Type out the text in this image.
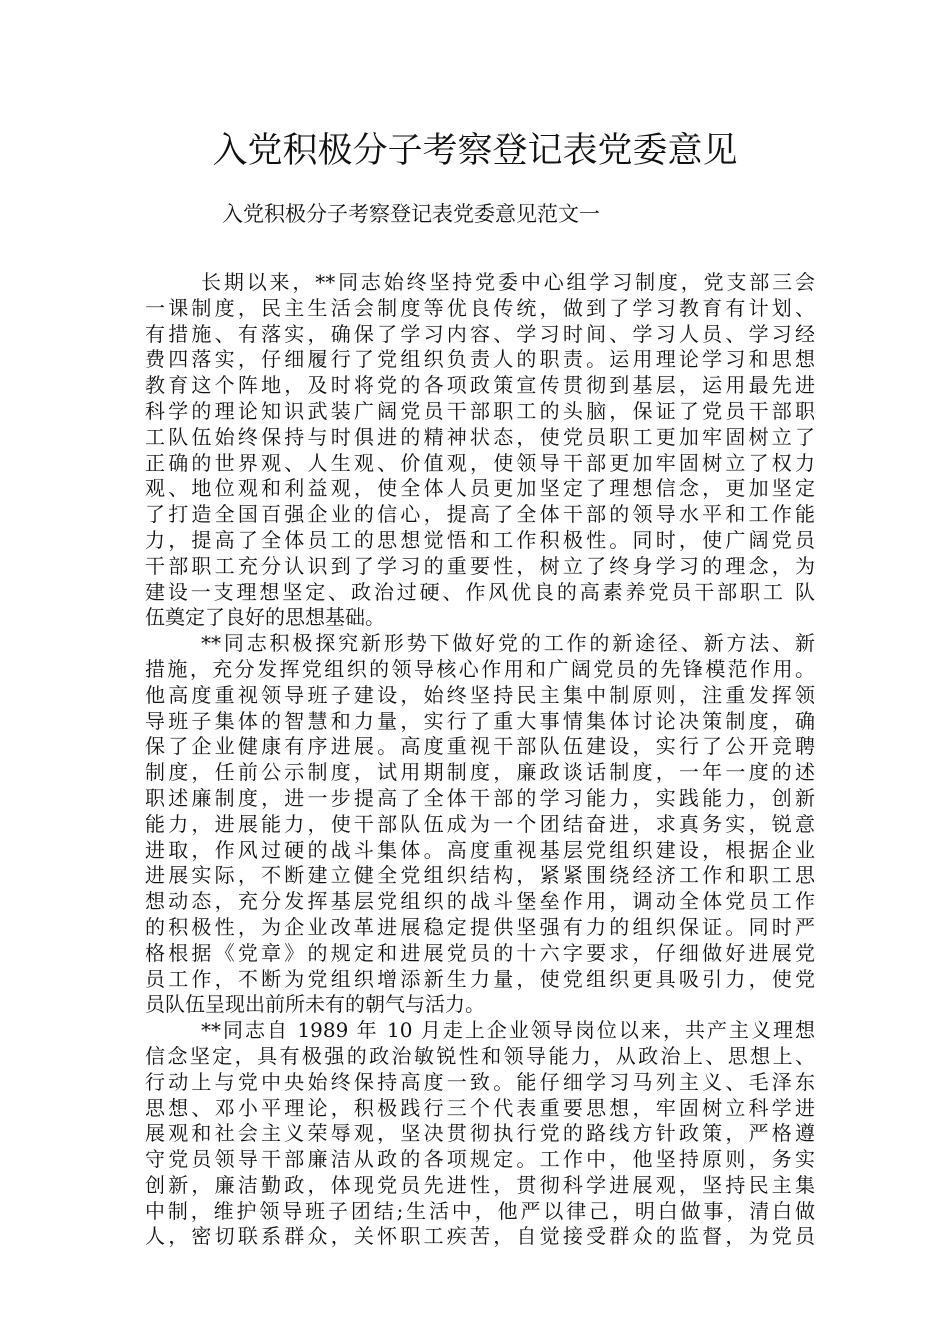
入党积极分子考察登记表党委意见
入党积极分子考察登记表党委意见范文一
长期以来，**同志始终坚持党委中心组学习制度，党支部三会
一课制度，民主生活会制度等优良传统，做到了学习教育有计划、
有措施、有落实，确保了学习内容、学习时间、学习人员、学习经
费四落实，仔细履行了党组织负责人的职责。运用理论学习和思想
教育这个阵地，及时将党的各项政策宣传贯彻到基层，运用最先进
科学的理论知识武装广阔党员干部职工的头脑，保证了党员干部职
工队伍始终保持与时俱进的精神状态，使党员职工更加牢固树立了
正确的世界观、人生观、价值观，使领导干部更加牢固树立了权力
观、地位观和利益观，使全体人员更加坚定了理想信念，更加坚定
了打造全国百强企业的信心，提高了全体干部的领导水平和工作能
力，提高了全体员工的思想觉悟和工作积极性。同时，使广阔党员
干部职工充分认识到了学习的重要性，树立了终身学习的理念，为
建设一支理想坚定、政治过硬、作风优良的高素养党员干部职工 队
伍奠定了良好的思想基础。
**同志积极探究新形势下做好党的工作的新途径、新方法、新
措施，充分发挥党组织的领导核心作用和广阔党员的先锋模范作用。
他高度重视领导班子建设，始终坚持民主集中制原则，注重发挥领
导班子集体的智慧和力量，实行了重大事情集体讨论决策制度，确
保了企业健康有序进展。高度重视干部队伍建设，实行了公开竞聘
制度，任前公示制度，试用期制度，廉政谈话制度，一年一度的述
职述廉制度，进一步提高了全体干部的学习能力，实践能力，创新
能力，进展能力，使干部队伍成为一个团结奋进，求真务实，锐意
进取，作风过硬的战斗集体。高度重视基层党组织建设，根据企业
进展实际，不断建立健全党组织结构，紧紧围绕经济工作和职工思
想动态，充分发挥基层党组织的战斗堡垒作用，调动全体党员工作
的积极性，为企业改革进展稳定提供坚强有力的组织保证。同时严
格根据《党章》的规定和进展党员的十六字要求，仔细做好进展党
员工作，不断为党组织增添新生力量，使党组织更具吸引力，使党
员队伍呈现出前所未有的朝气与活力。
**同志自 1989 年 10 月走上企业领导岗位以来，共产主义理想
信念坚定，具有极强的政治敏锐性和领导能力，从政治上、思想上、
行动上与党中央始终保持高度一致。能仔细学习马列主义、毛泽东
思想、邓小平理论，积极践行三个代表重要思想，牢固树立科学进
展观和社会主义荣辱观，坚决贯彻执行党的路线方针政策，严格遵
守党员领导干部廉洁从政的各项规定。工作中，他坚持原则，务实
创新，廉洁勤政，体现党员先进性，贯彻科学进展观，坚持民主集
中制，维护领导班子团结;生活中，他严以律己，明白做事，清白做
人，密切联系群众，关怀职工疾苦，自觉接受群众的监督，为党员
